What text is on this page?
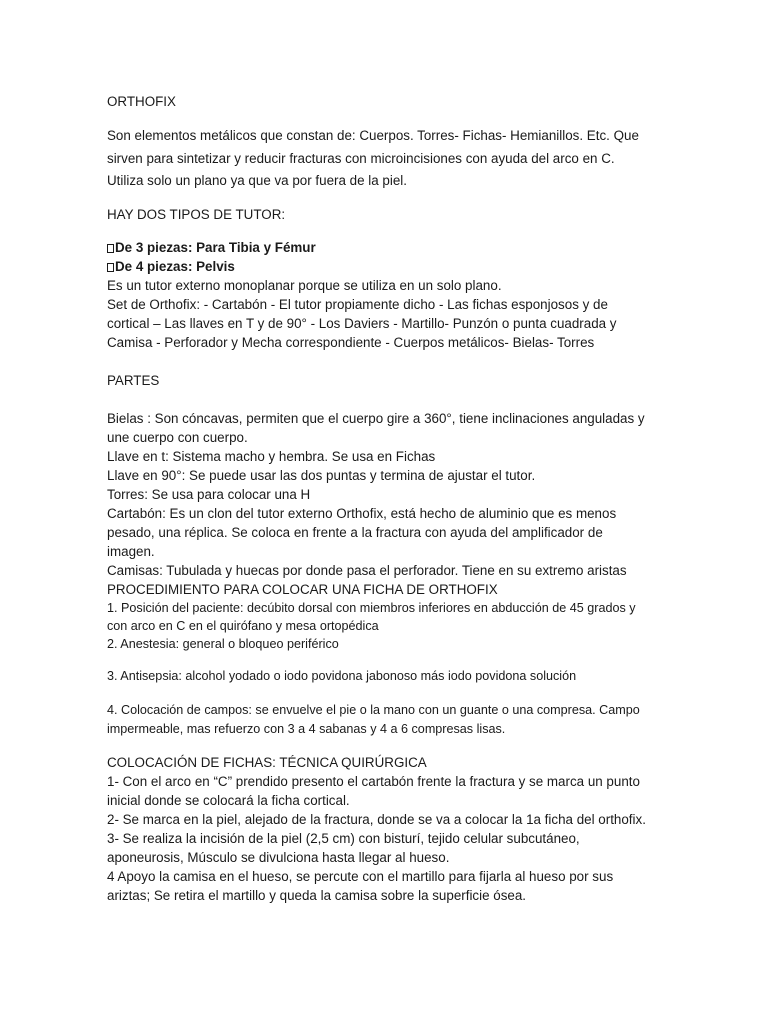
ORTHOFIX
Son elementos metálicos que constan de: Cuerpos. Torres- Fichas- Hemianillos. Etc. Que
sirven para sintetizar y reducir fracturas con microincisiones con ayuda del arco en C.
Utiliza solo un plano ya que va por fuera de la piel.
HAY DOS TIPOS DE TUTOR:
De 3 piezas: Para Tibia y Fémur
De 4 piezas: Pelvis
Es un tutor externo monoplanar porque se utiliza en un solo plano.
Set de Orthofix: - Cartabón - El tutor propiamente dicho - Las fichas esponjosos y de
cortical – Las llaves en T y de 90° - Los Daviers - Martillo- Punzón o punta cuadrada y
Camisa - Perforador y Mecha correspondiente - Cuerpos metálicos- Bielas- Torres
PARTES
Bielas : Son cóncavas, permiten que el cuerpo gire a 360°, tiene inclinaciones anguladas y
une cuerpo con cuerpo.
Llave en t: Sistema macho y hembra. Se usa en Fichas
Llave en 90°: Se puede usar las dos puntas y termina de ajustar el tutor.
Torres: Se usa para colocar una H
Cartabón: Es un clon del tutor externo Orthofix, está hecho de aluminio que es menos
pesado, una réplica. Se coloca en frente a la fractura con ayuda del amplificador de
imagen.
Camisas: Tubulada y huecas por donde pasa el perforador. Tiene en su extremo aristas
PROCEDIMIENTO PARA COLOCAR UNA FICHA DE ORTHOFIX
1. Posición del paciente: decúbito dorsal con miembros inferiores en abducción de 45 grados y
con arco en C en el quirófano y mesa ortopédica
2. Anestesia: general o bloqueo periférico
3. Antisepsia: alcohol yodado o iodo povidona jabonoso más iodo povidona solución
4. Colocación de campos: se envuelve el pie o la mano con un guante o una compresa. Campo
impermeable, mas refuerzo con 3 a 4 sabanas y 4 a 6 compresas lisas.
COLOCACIÓN DE FICHAS: TÉCNICA QUIRÚRGICA
1- Con el arco en “C” prendido presento el cartabón frente la fractura y se marca un punto
inicial donde se colocará la ficha cortical.
2- Se marca en la piel, alejado de la fractura, donde se va a colocar la 1a ficha del orthofix.
3- Se realiza la incisión de la piel (2,5 cm) con bisturí, tejido celular subcutáneo,
aponeurosis, Músculo se divulciona hasta llegar al hueso.
4 Apoyo la camisa en el hueso, se percute con el martillo para fijarla al hueso por sus
ariztas; Se retira el martillo y queda la camisa sobre la superficie ósea.
